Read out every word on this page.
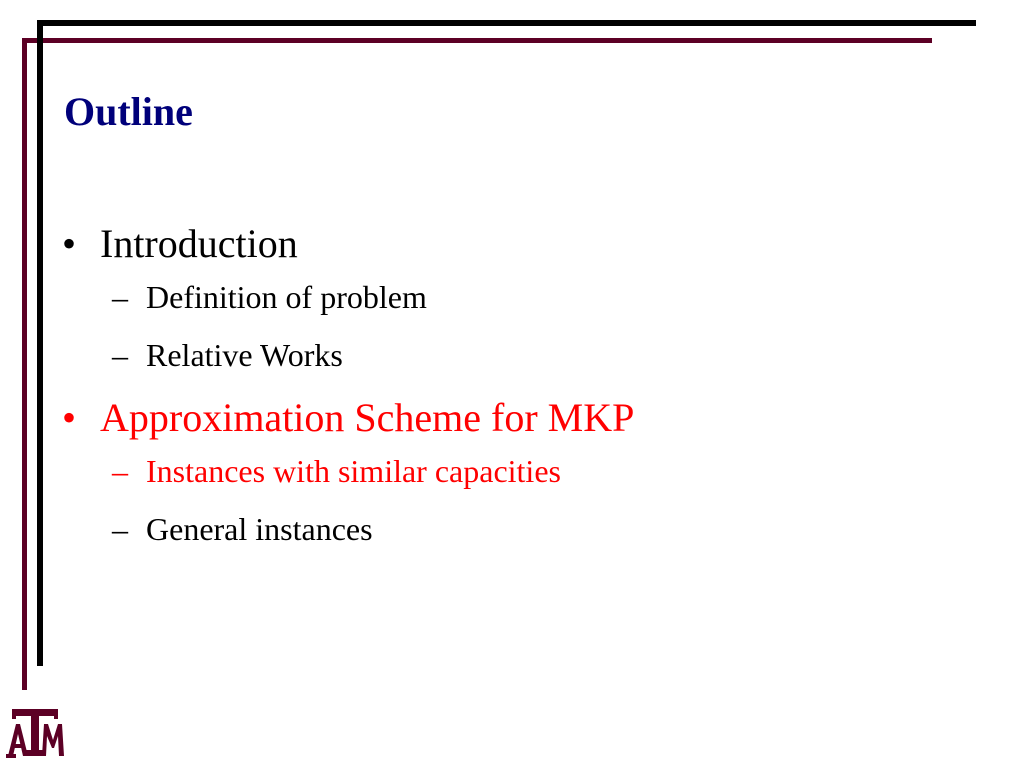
Outline
• Introduction
– Definition of problem
– Relative Works
• Approximation Scheme for MKP
– Instances with similar capacities
– General instances
